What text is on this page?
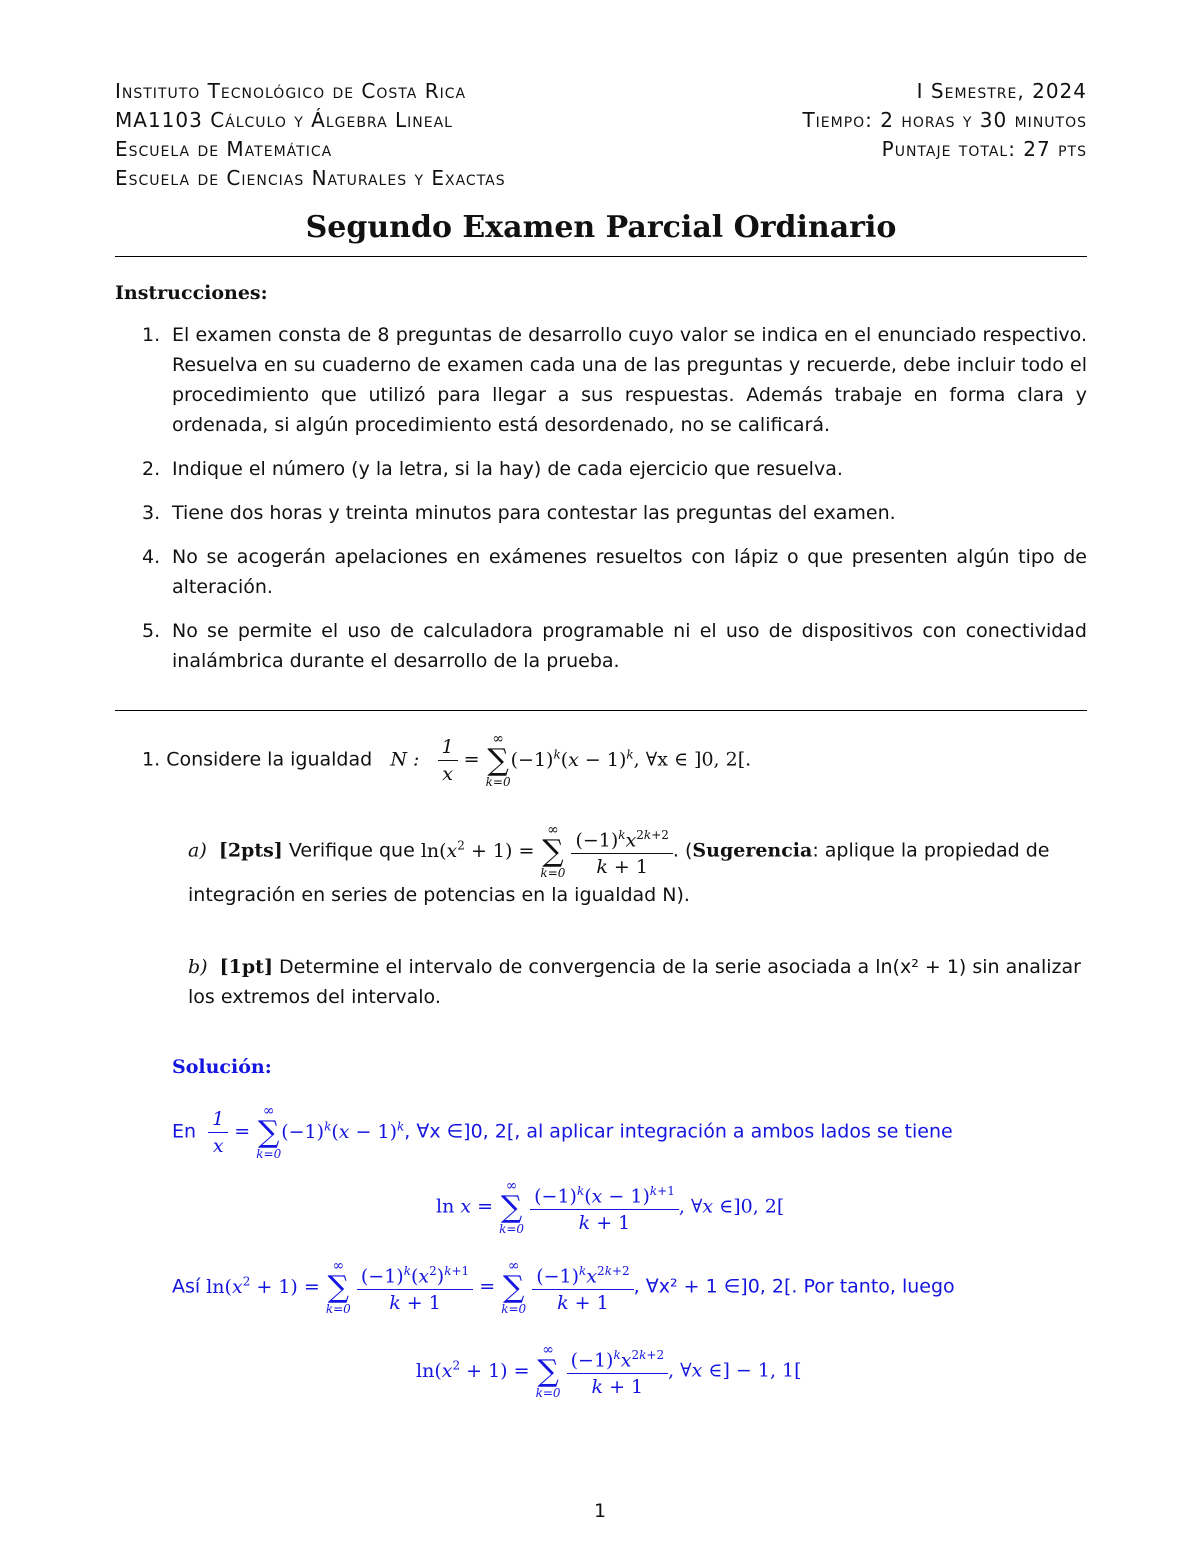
Instituto Tecnológico de Costa Rica
MA1103 Cálculo y Álgebra Lineal
Escuela de Matemática
Escuela de Ciencias Naturales y Exactas
I Semestre, 2024
Tiempo: 2 horas y 30 minutos
Puntaje total: 27 pts
Segundo Examen Parcial Ordinario
Instrucciones:
1. El examen consta de 8 preguntas de desarrollo cuyo valor se indica en el enunciado respectivo. Resuelva en su cuaderno de examen cada una de las preguntas y recuerde, debe incluir todo el procedimiento que utilizó para llegar a sus respuestas. Además trabaje en forma clara y ordenada, si algún procedimiento está desordenado, no se calificará.
2. Indique el número (y la letra, si la hay) de cada ejercicio que resuelva.
3. Tiene dos horas y treinta minutos para contestar las preguntas del examen.
4. No se acogerán apelaciones en exámenes resueltos con lápiz o que presenten algún tipo de alteración.
5. No se permite el uso de calculadora programable ni el uso de dispositivos con conectividad inalámbrica durante el desarrollo de la prueba.
1. Considere la igualdad N : $\frac{1}{x}$ =
∞
∑
k=0
$(-1)^k(x - 1)^k$, ∀x ∈ ]0, 2[.
a) [2pts] Verifique que $\ln(x^2 + 1)$ =
∞
∑
k=0
$\frac{(-1)^kx^{2k+2}}{k + 1}$ . (Sugerencia: aplique la propiedad de integración en series de potencias en la igualdad N).
b) [1pt] Determine el intervalo de convergencia de la serie asociada a ln(x² + 1) sin analizar los extremos del intervalo.
Solución:
En $\frac{1}{x}$ =
∞
∑
k=0
$(-1)^k(x - 1)^k$, ∀x ∈]0, 2[, al aplicar integración a ambos lados se tiene
ln x =
∞
∑
k=0
$\frac{(-1)^k(x - 1)^{k+1}}{k + 1}$ , ∀x ∈]0, 2[
Así $\ln(x^2 + 1)$ =
∞
∑
k=0
$\frac{(-1)^k(x^2)^{k+1}}{k + 1}$ =
∞
∑
k=0
$\frac{(-1)^kx^{2k+2}}{k + 1}$ , ∀x² + 1 ∈]0, 2[. Por tanto, luego
$\ln(x^2 + 1)$ =
∞
∑
k=0
$\frac{(-1)^kx^{2k+2}}{k + 1}$ , ∀x ∈] − 1, 1[
1
